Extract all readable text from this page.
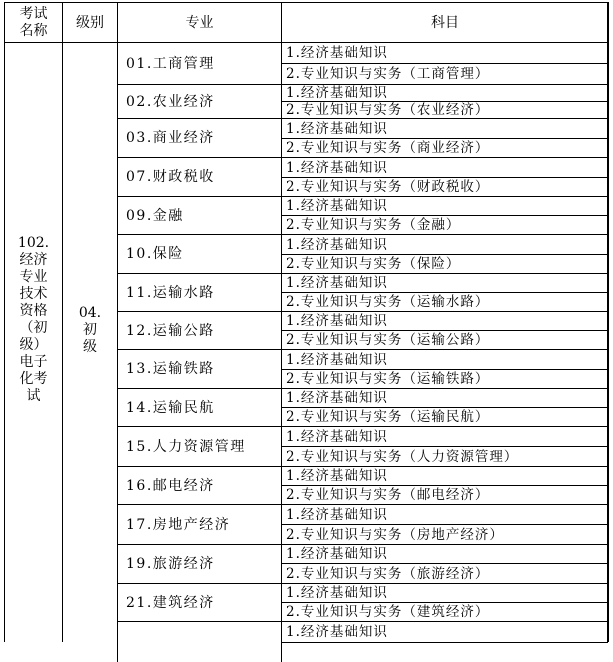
考试
名称 级别	专业	科目
102.
经济
专业
技术
资格
（初
级）
电子
化考
试
04.
初
级
01.工商管理
1.经济基础知识
2.专业知识与实务（工商管理）
02.农业经济
1.经济基础知识
2.专业知识与实务（农业经济）
03.商业经济
1.经济基础知识
2.专业知识与实务（商业经济）
07.财政税收
1.经济基础知识
2.专业知识与实务（财政税收）
09.金融
1.经济基础知识
2.专业知识与实务（金融）
10.保险
1.经济基础知识
2.专业知识与实务（保险）
11.运输水路
1.经济基础知识
2.专业知识与实务（运输水路）
12.运输公路
1.经济基础知识
2.专业知识与实务（运输公路）
13.运输铁路
1.经济基础知识
2.专业知识与实务（运输铁路）
14.运输民航
1.经济基础知识
2.专业知识与实务（运输民航）
15.人力资源管理
1.经济基础知识
2.专业知识与实务（人力资源管理）
16.邮电经济
1.经济基础知识
2.专业知识与实务（邮电经济）
17.房地产经济
1.经济基础知识
2.专业知识与实务（房地产经济）
19.旅游经济
1.经济基础知识
2.专业知识与实务（旅游经济）
21.建筑经济
1.经济基础知识
2.专业知识与实务（建筑经济）
1.经济基础知识
